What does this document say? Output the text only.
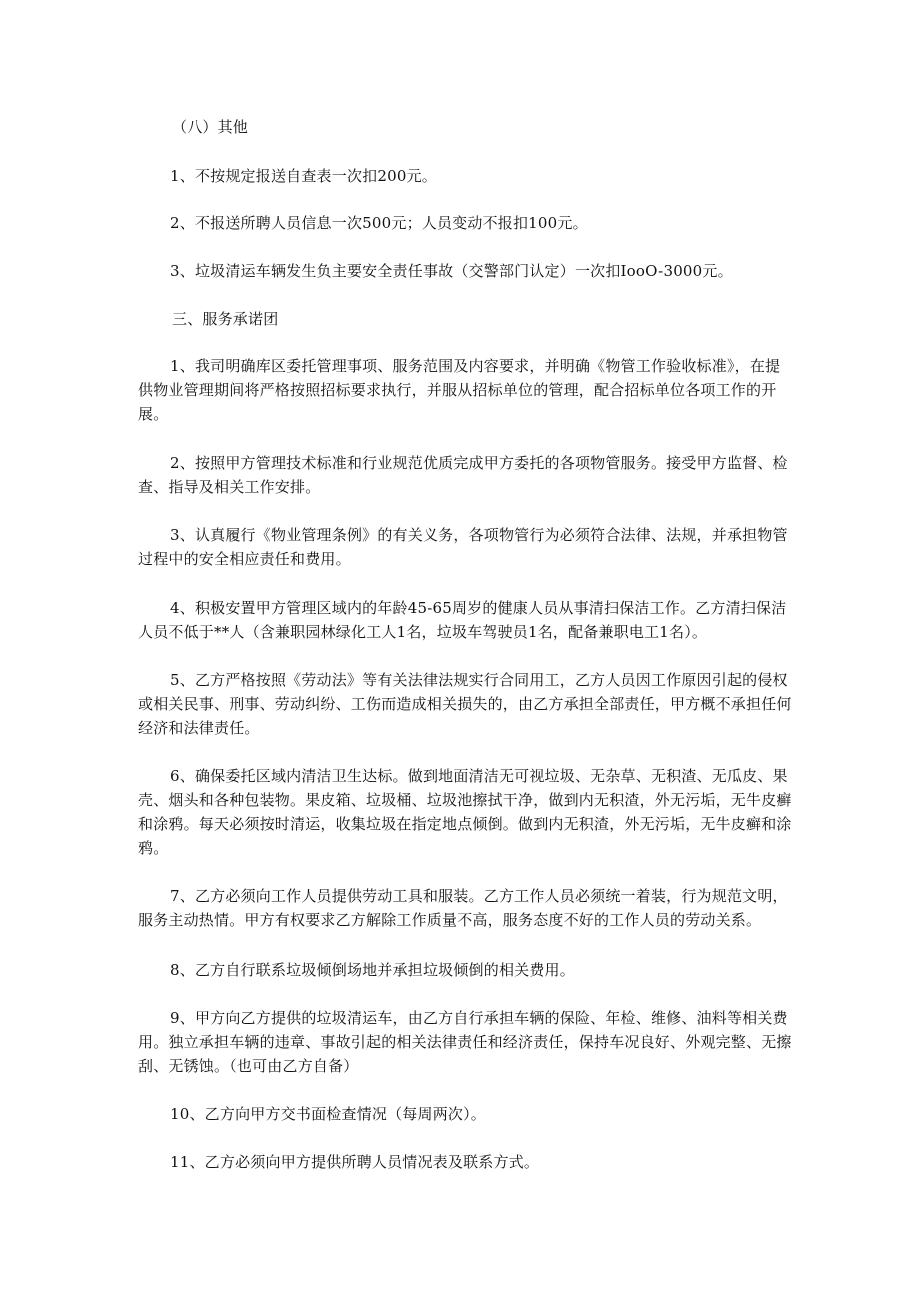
（八）其他

1、不按规定报送自查表一次扣200元。

2、不报送所聘人员信息一次500元；人员变动不报扣100元。

3、垃圾清运车辆发生负主要安全责任事故（交警部门认定）一次扣IooO-3000元。

三、服务承诺团

1、我司明确库区委托管理事项、服务范围及内容要求，并明确《物管工作验收标准》，在提供物业管理期间将严格按照招标要求执行，并服从招标单位的管理，配合招标单位各项工作的开展。

2、按照甲方管理技术标准和行业规范优质完成甲方委托的各项物管服务。接受甲方监督、检查、指导及相关工作安排。

3、认真履行《物业管理条例》的有关义务，各项物管行为必须符合法律、法规，并承担物管过程中的安全相应责任和费用。

4、积极安置甲方管理区域内的年龄45-65周岁的健康人员从事清扫保洁工作。乙方清扫保洁人员不低于**人（含兼职园林绿化工人1名，垃圾车驾驶员1名，配备兼职电工1名）。

5、乙方严格按照《劳动法》等有关法律法规实行合同用工，乙方人员因工作原因引起的侵权或相关民事、刑事、劳动纠纷、工伤而造成相关损失的，由乙方承担全部责任，甲方概不承担任何经济和法律责任。

6、确保委托区域内清洁卫生达标。做到地面清洁无可视垃圾、无杂草、无积渣、无瓜皮、果壳、烟头和各种包装物。果皮箱、垃圾桶、垃圾池擦拭干净，做到内无积渣，外无污垢，无牛皮癣和涂鸦。每天必须按时清运，收集垃圾在指定地点倾倒。做到内无积渣，外无污垢，无牛皮癣和涂鸦。

7、乙方必须向工作人员提供劳动工具和服装。乙方工作人员必须统一着装，行为规范文明，服务主动热情。甲方有权要求乙方解除工作质量不高，服务态度不好的工作人员的劳动关系。

8、乙方自行联系垃圾倾倒场地并承担垃圾倾倒的相关费用。

9、甲方向乙方提供的垃圾清运车，由乙方自行承担车辆的保险、年检、维修、油料等相关费用。独立承担车辆的违章、事故引起的相关法律责任和经济责任，保持车况良好、外观完整、无擦刮、无锈蚀。（也可由乙方自备）

10、乙方向甲方交书面检查情况（每周两次）。

11、乙方必须向甲方提供所聘人员情况表及联系方式。
